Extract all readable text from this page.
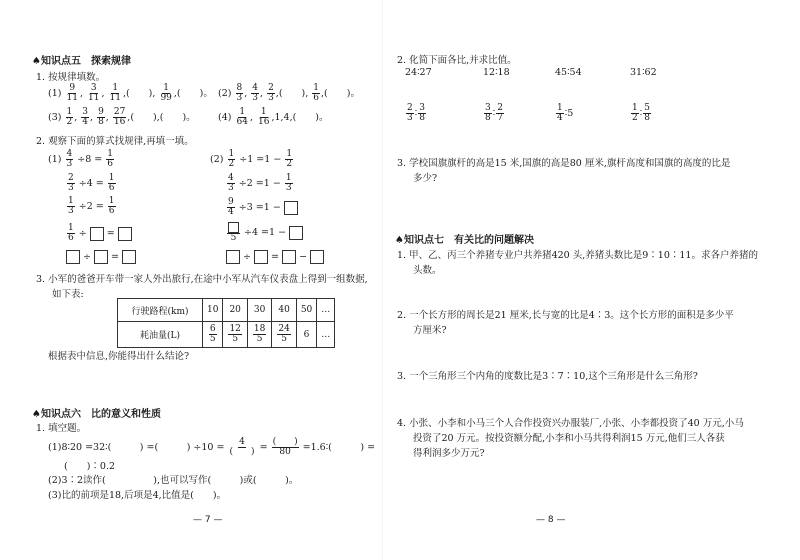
♠知识点五　探索规律
1. 按规律填数。
$(1) \frac{9}{11}$ , $\frac{3}{11}$ , $\frac{1}{11}$ ,(　　), $\frac{1}{99}$ ,(　　)。 $(2) \frac{8}{3}$ , $\frac{4}{3}$ , $\frac{2}{3}$ ,(　　), $\frac{1}{6}$ ,(　　)。
$(3) \frac{1}{2}$ , $\frac{3}{4}$ , $\frac{9}{8}$ , $\frac{27}{16}$ ,(　　),(　　)。 $(4) \frac{1}{64}$ , $\frac{1}{16} ,1,4$,(　　)。
2. 观察下面的算式找规律,再填一填。
$(1) \frac{4}{3} \div 8 = \frac{1}{6}$
$\frac{2}{3} \div 4 = \frac{1}{6}$
$\frac{1}{3} \div 2 = \frac{1}{6}$
$\frac{1}{6}$ ÷  =
÷ =
$(2) \frac{1}{2} \div 1 =1 - \frac{1}{2}$
$\frac{4}{3} \div 2 =1 - \frac{1}{3}$
$\frac{9}{4} \div 3 =1$ −
5 ÷4 =1 −
÷ = −
3. 小军的爸爸开车带一家人外出旅行,在途中小军从汽车仪表盘上得到一组数据,
如下表:
行驶路程(km)	10	20	30	40	50	…
耗油量(L)	$\frac{6}{5}$	$\frac{12}{5}$	$\frac{18}{5}$	$\frac{24}{5}$	6	…
根据表中信息,你能得出什么结论?
♠知识点六　比的意义和性质
1. 填空题。
(1)8∶20 =32∶(　　　) =(　　　) $\div 10 = \frac{4}{( )} = \frac{( )}{80}$ =1.6∶(　　　) =
(　　)∶0.2
(2)3∶2读作(　　　　　),也可以写作(　　　)或(　　　)。
(3)比的前项是18,后项是4,比值是(　　)。
— 7 —
2. 化简下面各比,并求比值。
24∶27	12∶18	45∶54	31∶62
$\frac{2}{3}$ ∶ $\frac{3}{8}$	$\frac{3}{8}$ ∶ $\frac{2}{7}$	$\frac{1}{4}$ ∶5	$\frac{1}{2}$ ∶ $\frac{5}{8}$
3. 学校国旗旗杆的高是15 米,国旗的高是80 厘米,旗杆高度和国旗的高度的比是
多少?
♠知识点七　有关比的问题解决
1. 甲、乙、丙三个养猪专业户共养猪420 头,养猪头数比是9∶10∶11。求各户养猪的
头数。
2. 一个长方形的周长是21 厘米,长与宽的比是4∶3。这个长方形的面积是多少平
方厘米?
3. 一个三角形三个内角的度数比是3∶7∶10,这个三角形是什么三角形?
4. 小张、小李和小马三个人合作投资兴办服装厂,小张、小李都投资了40 万元,小马
投资了20 万元。按投资额分配,小李和小马共得利润15 万元,他们三人各获
得利润多少万元?
— 8 —
